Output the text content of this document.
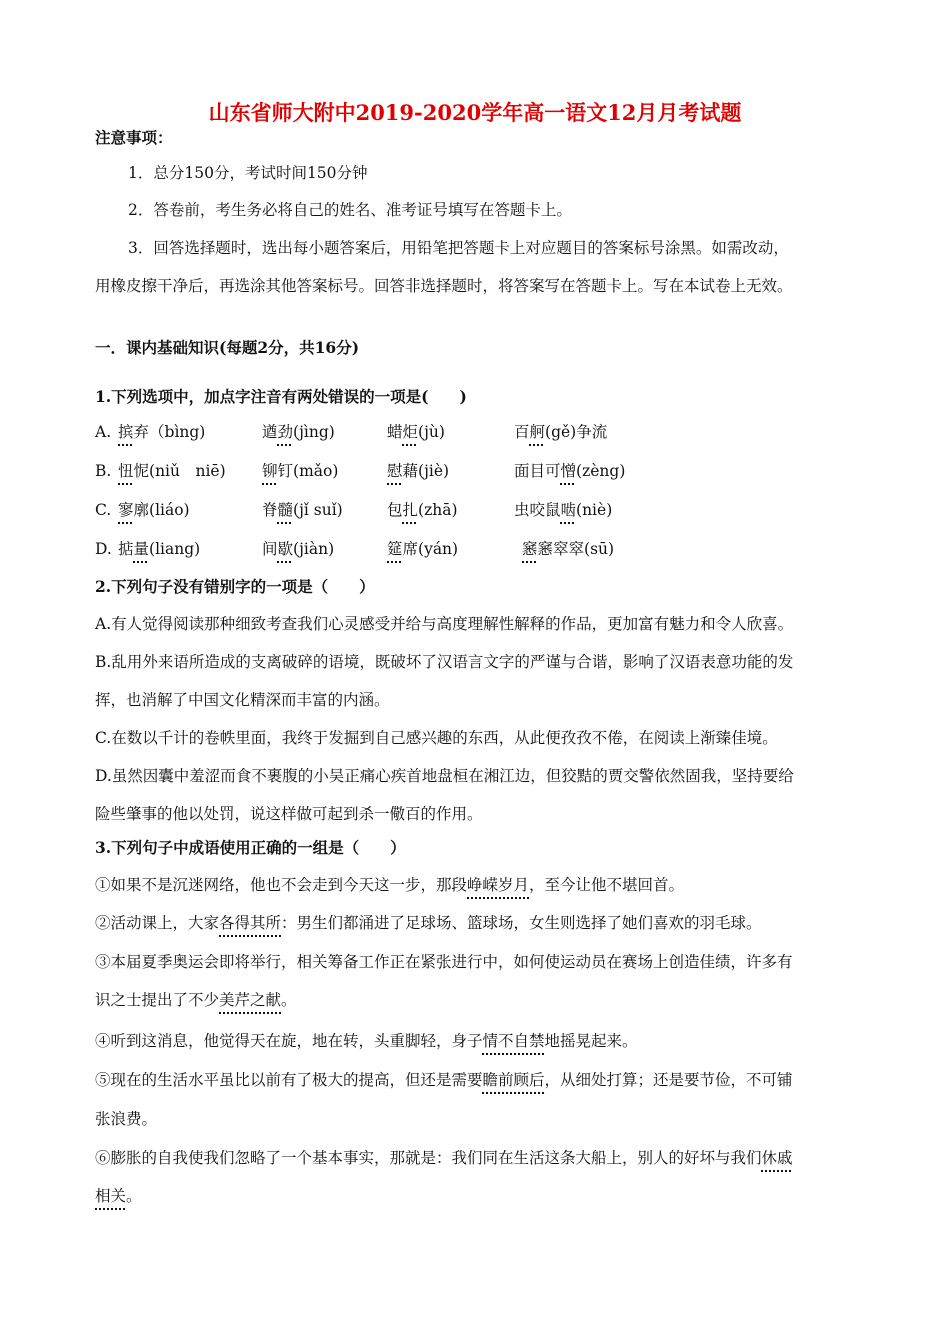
山东省师大附中2019-2020学年高一语文12月月考试题
注意事项：
1．总分150分，考试时间150分钟
2．答卷前，考生务必将自己的姓名、准考证号填写在答题卡上。
3．回答选择题时，选出每小题答案后，用铅笔把答题卡上对应题目的答案标号涂黑。如需改动，
用橡皮擦干净后，再选涂其他答案标号。回答非选择题时，将答案写在答题卡上。写在本试卷上无效。
一．课内基础知识(每题2分，共16分)
1.下列选项中，加点字注音有两处错误的一项是(　　)
A. 摈弃（bìng)	遒劲(jìng)	蜡炬(jù)	百舸(gě)争流
B. 忸怩(niǔ　niē) 铆钉(mǎo)	慰藉(jiè)	面目可憎(zèng)
C. 寥廓(liáo)	脊髓(jǐ suǐ)	包扎(zhā)	虫咬鼠啮(niè)
D. 掂量(liang)	间歇(jiàn)	筵席(yán)	窸窸窣窣(sū)
2.下列句子没有错别字的一项是（　　）
A.有人觉得阅读那种细致考查我们心灵感受并给与高度理解性解释的作品，更加富有魅力和令人欣喜。
B.乱用外来语所造成的支离破碎的语境，既破坏了汉语言文字的严谨与合谐，影响了汉语表意功能的发
挥，也消解了中国文化精深而丰富的内涵。
C.在数以千计的卷帙里面，我终于发掘到自己感兴趣的东西，从此便孜孜不倦，在阅读上渐臻佳境。
D.虽然因囊中羞涩而食不裹腹的小吴正痛心疾首地盘桓在湘江边，但狡黠的贾交警依然固我，坚持要给
险些肇事的他以处罚，说这样做可起到杀一儆百的作用。
3.下列句子中成语使用正确的一组是（　　）
①如果不是沉迷网络，他也不会走到今天这一步，那段峥嵘岁月，至今让他不堪回首。
②活动课上，大家各得其所：男生们都涌进了足球场、篮球场，女生则选择了她们喜欢的羽毛球。
③本届夏季奥运会即将举行，相关筹备工作正在紧张进行中，如何使运动员在赛场上创造佳绩，许多有
识之士提出了不少美芹之献。
④听到这消息，他觉得天在旋，地在转，头重脚轻，身子情不自禁地摇晃起来。
⑤现在的生活水平虽比以前有了极大的提高，但还是需要瞻前顾后，从细处打算；还是要节俭，不可铺
张浪费。
⑥膨胀的自我使我们忽略了一个基本事实，那就是：我们同在生活这条大船上，别人的好坏与我们休戚
相关。
